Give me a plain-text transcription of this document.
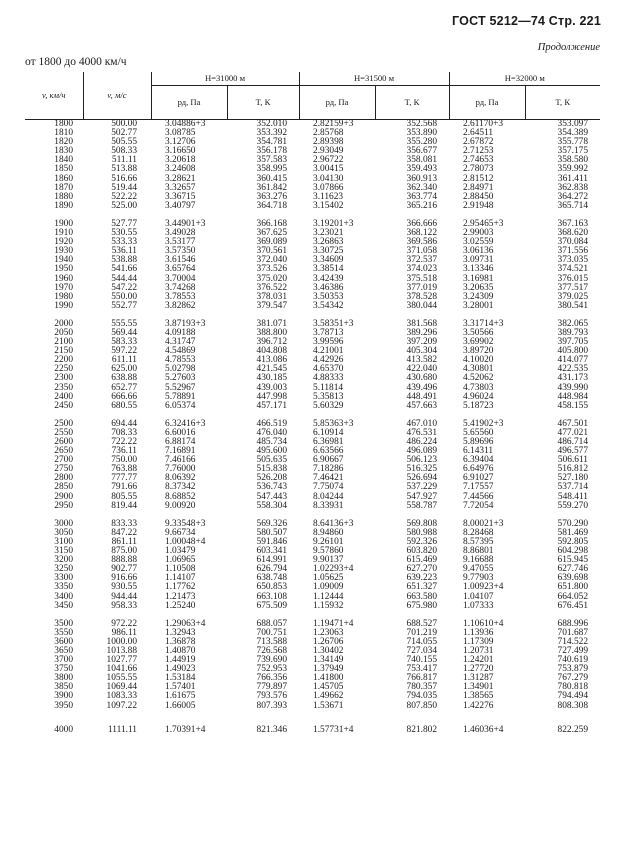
ГОСТ 5212—74 Стр. 221
Продолжение
от 1800 до 4000 км/ч
v, км/ч	v, м/с	H=31000 м		H=31500 м		H=32000 м	
		рд, Па	T, К	рд, Па	T, К	рд, Па	T, К
1800	500.00	3.04886+3	352.010	2.82159+3	352.568	2.61170+3	353.097
1810	502.77	3.08785	353.392	2.85768	353.890	2.64511	354.389
1820	505.55	3.12706	354.781	2.89398	355.280	2.67872	355.778
1830	508.33	3.16650	356.178	2.93049	356.677	2.71253	357.175
1840	511.11	3.20618	357.583	2.96722	358.081	2.74653	358.580
1850	513.88	3.24608	358.995	3.00415	359.493	2.78073	359.992
1860	516.66	3.28621	360.415	3.04130	360.913	2.81512	361.411
1870	519.44	3.32657	361.842	3.07866	362.340	2.84971	362.838
1880	522.22	3.36715	363.276	3.11623	363.774	2.88450	364.272
1890	525.00	3.40797	364.718	3.15402	365.216	2.91948	365.714

1900	527.77	3.44901+3	366.168	3.19201+3	366.666	2.95465+3	367.163
1910	530.55	3.49028	367.625	3.23021	368.122	2.99003	368.620
1920	533.33	3.53177	369.089	3.26863	369.586	3.02559	370.084
1930	536.11	3.57350	370.561	3.30725	371.058	3.06136	371.556
1940	538.88	3.61546	372.040	3.34609	372.537	3.09731	373.035
1950	541.66	3.65764	373.526	3.38514	374.023	3.13346	374.521
1960	544.44	3.70004	375.020	3.42439	375.518	3.16981	376.015
1970	547.22	3.74268	376.522	3.46386	377.019	3.20635	377.517
1980	550.00	3.78553	378.031	3.50353	378.528	3.24309	379.025
1990	552.77	3.82862	379.547	3.54342	380.044	3.28001	380.541

2000	555.55	3.87193+3	381.071	3.58351+3	381.568	3.31714+3	382.065
2050	569.44	4.09188	388.800	3.78713	389.296	3.50566	389.793
2100	583.33	4.31747	396.712	3.99596	397.209	3.69902	397.705
2150	597.22	4.54869	404.808	4.21001	405.304	3.89720	405.800
2200	611.11	4.78553	413.086	4.42926	413.582	4.10020	414.077
2250	625.00	5.02798	421.545	4.65370	422.040	4.30801	422.535
2300	638.88	5.27603	430.185	4.88333	430.680	4.52062	431.173
2350	652.77	5.52967	439.003	5.11814	439.496	4.73803	439.990
2400	666.66	5.78891	447.998	5.35813	448.491	4.96024	448.984
2450	680.55	6.05374	457.171	5.60329	457.663	5.18723	458.155

2500	694.44	6.32416+3	466.519	5.85363+3	467.010	5.41902+3	467.501
2550	708.33	6.60016	476.040	6.10914	476.531	5.65560	477.021
2600	722.22	6.88174	485.734	6.36981	486.224	5.89696	486.714
2650	736.11	7.16891	495.600	6.63566	496.089	6.14311	496.577
2700	750.00	7.46166	505.635	6.90667	506.123	6.39404	506.611
2750	763.88	7.76000	515.838	7.18286	516.325	6.64976	516.812
2800	777.77	8.06392	526.208	7.46421	526.694	6.91027	527.180
2850	791.66	8.37342	536.743	7.75074	537.229	7.17557	537.714
2900	805.55	8.68852	547.443	8.04244	547.927	7.44566	548.411
2950	819.44	9.00920	558.304	8.33931	558.787	7.72054	559.270

3000	833.33	9.33548+3	569.326	8.64136+3	569.808	8.00021+3	570.290
3050	847.22	9.66734	580.507	8.94860	580.988	8.28468	581.469
3100	861.11	1.00048+4	591.846	9.26101	592.326	8.57395	592.805
3150	875.00	1.03479	603.341	9.57860	603.820	8.86801	604.298
3200	888.88	1.06965	614.991	9.90137	615.469	9.16688	615.945
3250	902.77	1.10508	626.794	1.02293+4	627.270	9.47055	627.746
3300	916.66	1.14107	638.748	1.05625	639.223	9.77903	639.698
3350	930.55	1.17762	650.853	1.09009	651.327	1.00923+4	651.800
3400	944.44	1.21473	663.108	1.12444	663.580	1.04107	664.052
3450	958.33	1.25240	675.509	1.15932	675.980	1.07333	676.451

3500	972.22	1.29063+4	688.057	1.19471+4	688.527	1.10610+4	688.996
3550	986.11	1.32943	700.751	1.23063	701.219	1.13936	701.687
3600	1000.00	1.36878	713.588	1.26706	714.055	1.17309	714.522
3650	1013.88	1.40870	726.568	1.30402	727.034	1.20731	727.499
3700	1027.77	1.44919	739.690	1.34149	740.155	1.24201	740.619
3750	1041.66	1.49023	752.953	1.37949	753.417	1.27720	753.879
3800	1055.55	1.53184	766.356	1.41800	766.817	1.31287	767.279
3850	1069.44	1.57401	779.897	1.45705	780.357	1.34901	780.818
3900	1083.33	1.61675	793.576	1.49662	794.035	1.38565	794.494
3950	1097.22	1.66005	807.393	1.53671	807.850	1.42276	808.308

4000	1111.11	1.70391+4	821.346	1.57731+4	821.802	1.46036+4	822.259
